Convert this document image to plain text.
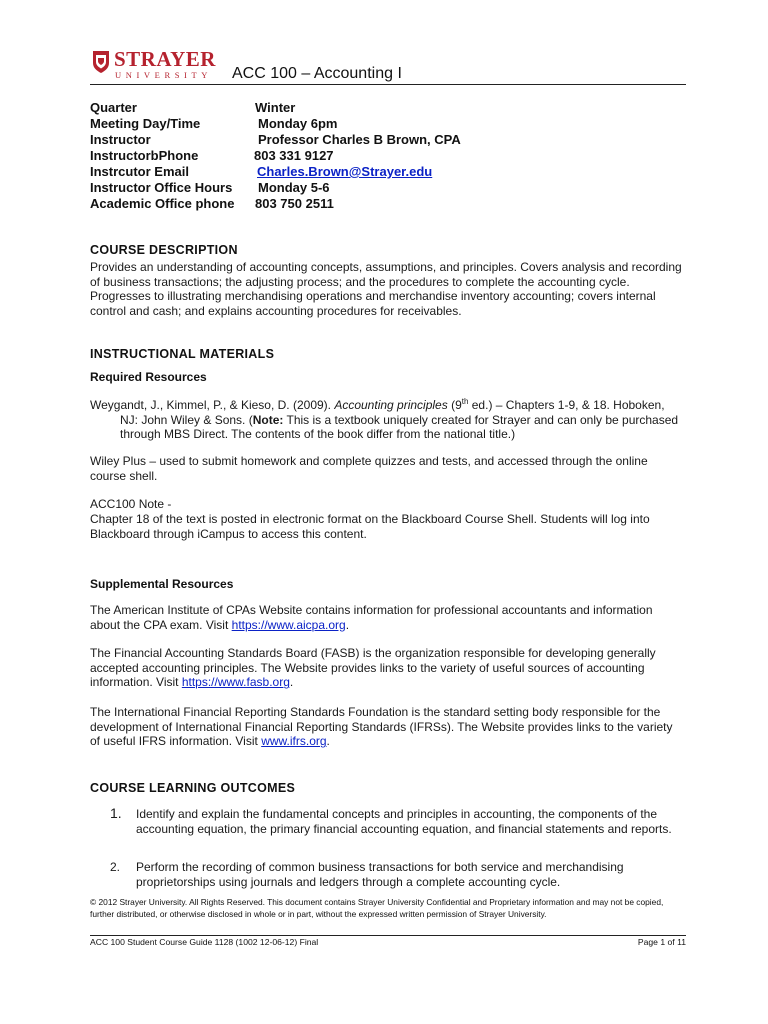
STRAYER
UNIVERSITY ACC 100 – Accounting I
Quarter	Winter
Meeting Day/Time	Monday 6pm
Instructor	Professor Charles B Brown, CPA
InstructorbPhone	803 331 9127
Instrcutor Email	Charles.Brown@Strayer.edu
Instructor Office Hours Monday 5-6
Academic Office phone 803 750 2511
COURSE DESCRIPTION
Provides an understanding of accounting concepts, assumptions, and principles. Covers analysis and recording of business transactions; the adjusting process; and the procedures to complete the accounting cycle. Progresses to illustrating merchandising operations and merchandise inventory accounting; covers internal control and cash; and explains accounting procedures for receivables.
INSTRUCTIONAL MATERIALS
Required Resources
Weygandt, J., Kimmel, P., & Kieso, D. (2009). Accounting principles (9th ed.) – Chapters 1-9, & 18. Hoboken, NJ: John Wiley & Sons. (Note: This is a textbook uniquely created for Strayer and can only be purchased through MBS Direct. The contents of the book differ from the national title.)
Wiley Plus – used to submit homework and complete quizzes and tests, and accessed through the online course shell.
ACC100 Note -
Chapter 18 of the text is posted in electronic format on the Blackboard Course Shell. Students will log into Blackboard through iCampus to access this content.
Supplemental Resources
The American Institute of CPAs Website contains information for professional accountants and information about the CPA exam. Visit https://www.aicpa.org.
The Financial Accounting Standards Board (FASB) is the organization responsible for developing generally accepted accounting principles. The Website provides links to the variety of useful sources of accounting information. Visit https://www.fasb.org.
The International Financial Reporting Standards Foundation is the standard setting body responsible for the development of International Financial Reporting Standards (IFRSs). The Website provides links to the variety of useful IFRS information. Visit www.ifrs.org.
COURSE LEARNING OUTCOMES
1. Identify and explain the fundamental concepts and principles in accounting, the components of the accounting equation, the primary financial accounting equation, and financial statements and reports.
2. Perform the recording of common business transactions for both service and merchandising proprietorships using journals and ledgers through a complete accounting cycle.
© 2012 Strayer University. All Rights Reserved. This document contains Strayer University Confidential and Proprietary information and may not be copied, further distributed, or otherwise disclosed in whole or in part, without the expressed written permission of Strayer University.
ACC 100 Student Course Guide 1128 (1002 12-06-12) Final	Page 1 of 11
